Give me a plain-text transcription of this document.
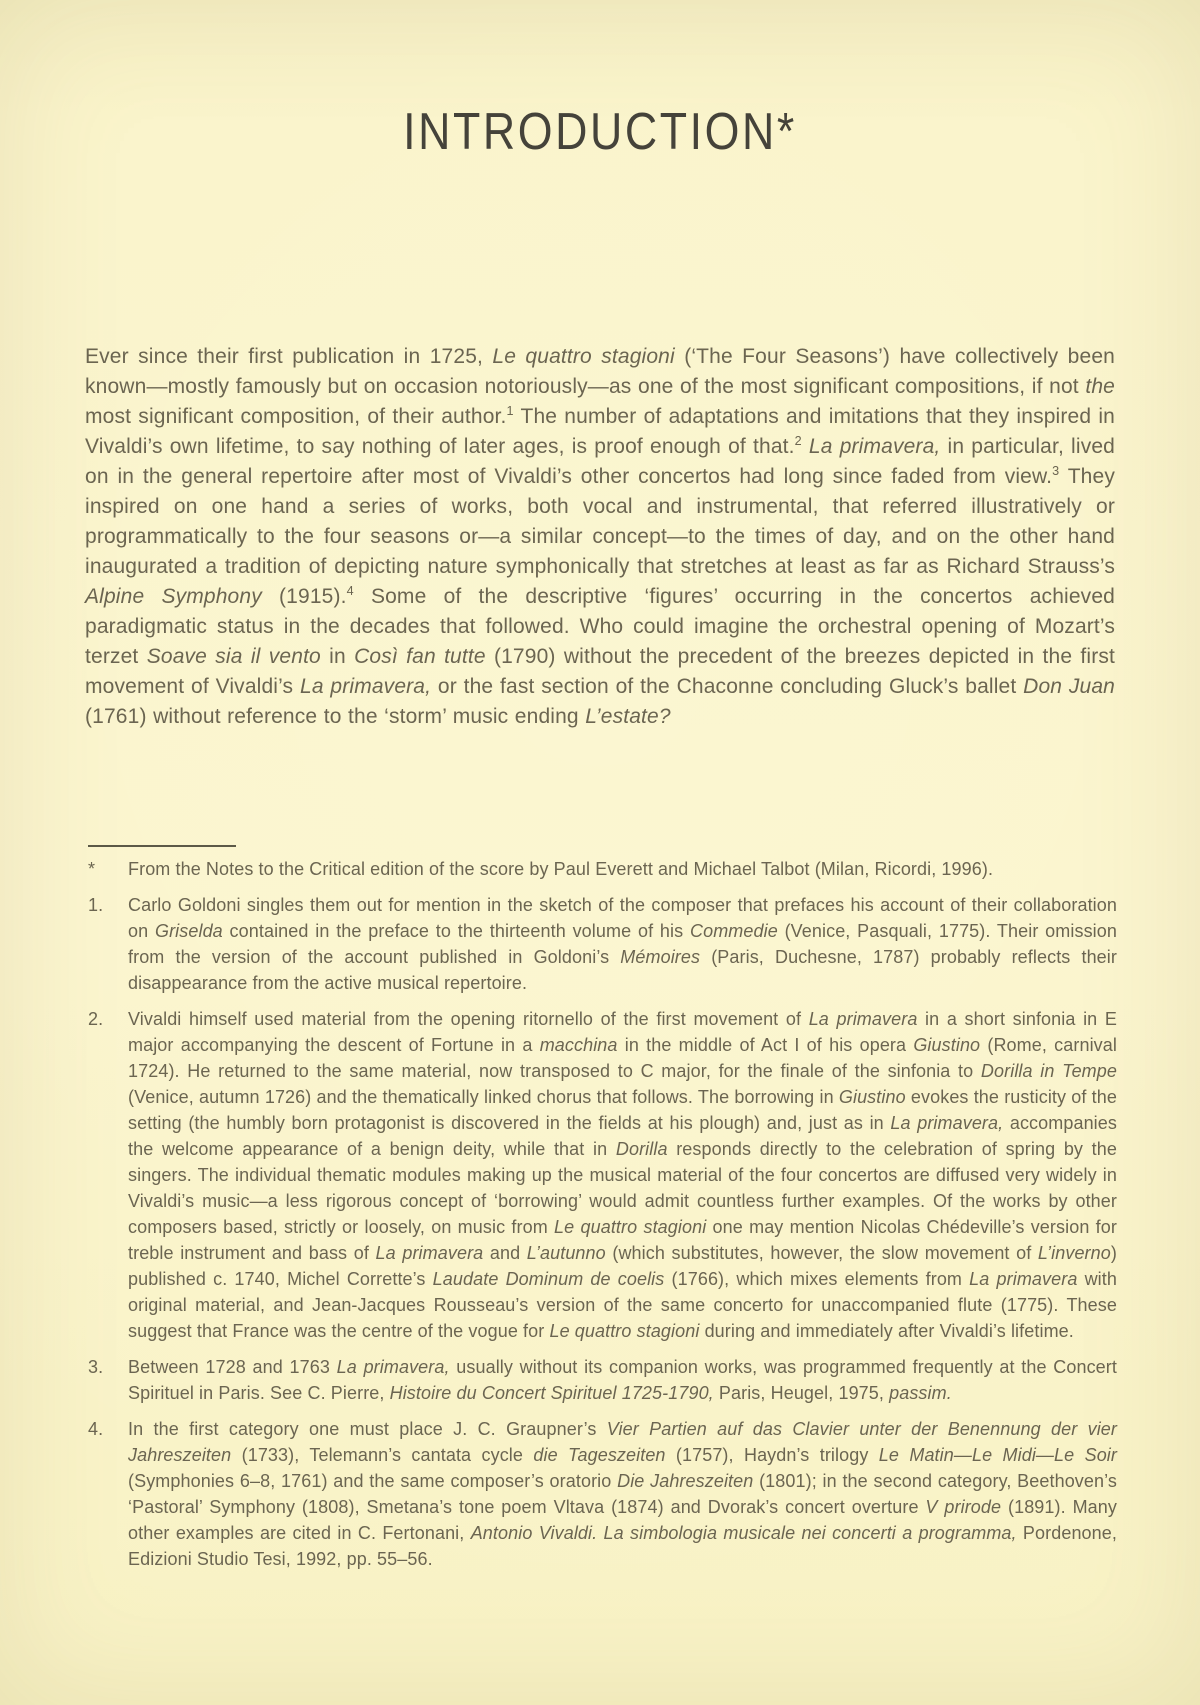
INTRODUCTION*

Ever since their first publication in 1725, Le quattro stagioni (‘The Four Seasons’) have collectively been known—mostly famously but on occasion notoriously—as one of the most significant compositions, if not the most significant composition, of their author.$^1$ The number of adaptations and imitations that they inspired in Vivaldi’s own lifetime, to say nothing of later ages, is proof enough of that.$^2$ La primavera, in particular, lived on in the general repertoire after most of Vivaldi’s other concertos had long since faded from view.$^3$ They inspired on one hand a series of works, both vocal and instrumental, that referred illustratively or programmatically to the four seasons or—a similar concept—to the times of day, and on the other hand inaugurated a tradition of depicting nature symphonically that stretches at least as far as Richard Strauss’s Alpine Symphony (1915).$^4$ Some of the descriptive ‘figures’ occurring in the concertos achieved paradigmatic status in the decades that followed. Who could imagine the orchestral opening of Mozart’s terzet Soave sia il vento in Così fan tutte (1790) without the precedent of the breezes depicted in the first movement of Vivaldi’s La primavera, or the fast section of the Chaconne concluding Gluck’s ballet Don Juan (1761) without reference to the ‘storm’ music ending L’estate?

*	From the Notes to the Critical edition of the score by Paul Everett and Michael Talbot (Milan, Ricordi, 1996).
1.	Carlo Goldoni singles them out for mention in the sketch of the composer that prefaces his account of their collaboration on Griselda contained in the preface to the thirteenth volume of his Commedie (Venice, Pasquali, 1775). Their omission from the version of the account published in Goldoni’s Mémoires (Paris, Duchesne, 1787) probably reflects their disappearance from the active musical repertoire.
2.	Vivaldi himself used material from the opening ritornello of the first movement of La primavera in a short sinfonia in E major accompanying the descent of Fortune in a macchina in the middle of Act I of his opera Giustino (Rome, carnival 1724). He returned to the same material, now transposed to C major, for the finale of the sinfonia to Dorilla in Tempe (Venice, autumn 1726) and the thematically linked chorus that follows. The borrowing in Giustino evokes the rusticity of the setting (the humbly born protagonist is discovered in the fields at his plough) and, just as in La primavera, accompanies the welcome appearance of a benign deity, while that in Dorilla responds directly to the celebration of spring by the singers. The individual thematic modules making up the musical material of the four concertos are diffused very widely in Vivaldi’s music—a less rigorous concept of ‘borrowing’ would admit countless further examples. Of the works by other composers based, strictly or loosely, on music from Le quattro stagioni one may mention Nicolas Chédeville’s version for treble instrument and bass of La primavera and L’autunno (which substitutes, however, the slow movement of L’inverno) published c. 1740, Michel Corrette’s Laudate Dominum de coelis (1766), which mixes elements from La primavera with original material, and Jean-Jacques Rousseau’s version of the same concerto for unaccompanied flute (1775). These suggest that France was the centre of the vogue for Le quattro stagioni during and immediately after Vivaldi’s lifetime.
3.	Between 1728 and 1763 La primavera, usually without its companion works, was programmed frequently at the Concert Spirituel in Paris. See C. Pierre, Histoire du Concert Spirituel 1725-1790, Paris, Heugel, 1975, passim.
4.	In the first category one must place J. C. Graupner’s Vier Partien auf das Clavier unter der Benennung der vier Jahreszeiten (1733), Telemann’s cantata cycle die Tageszeiten (1757), Haydn’s trilogy Le Matin—Le Midi—Le Soir (Symphonies 6–8, 1761) and the same composer’s oratorio Die Jahreszeiten (1801); in the second category, Beethoven’s ‘Pastoral’ Symphony (1808), Smetana’s tone poem Vltava (1874) and Dvorak’s concert overture V prirode (1891). Many other examples are cited in C. Fertonani, Antonio Vivaldi. La simbologia musicale nei concerti a programma, Pordenone, Edizioni Studio Tesi, 1992, pp. 55–56.
